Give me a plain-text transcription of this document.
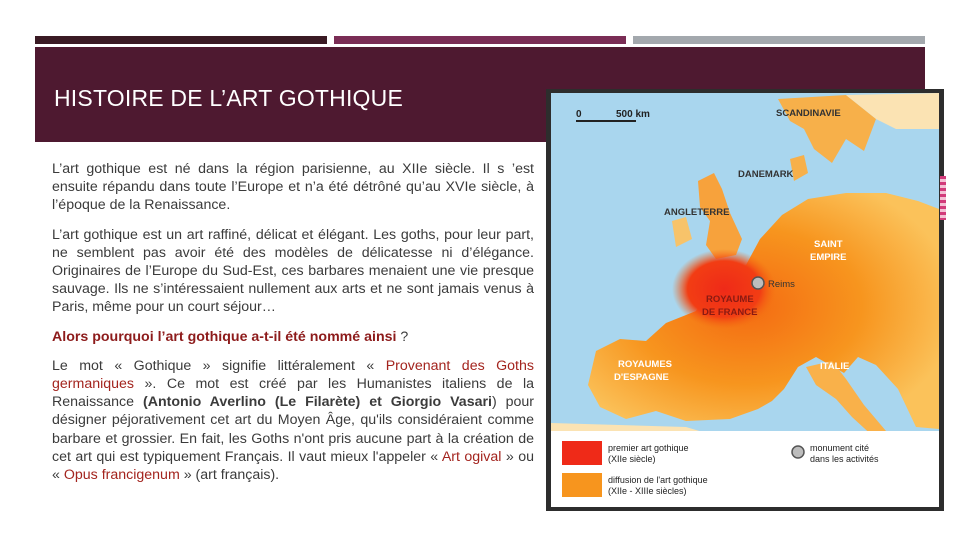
HISTOIRE DE L’ART GOTHIQUE

L’art gothique est né dans la région parisienne, au XIIe siècle. Il s ’est ensuite répandu dans toute l’Europe et n’a été détrôné qu’au XVIe siècle, à l’époque de la Renaissance.

L’art gothique est un art raffiné, délicat et élégant. Les goths, pour leur part, ne semblent pas avoir été des modèles de délicatesse ni d’élégance. Originaires de l’Europe du Sud-Est, ces barbares menaient une vie presque sauvage. Ils ne s’intéressaient nullement aux arts et ne sont jamais venus à Paris, même pour un court séjour…

Alors pourquoi l’art gothique a-t-il été nommé ainsi ?

Le mot « Gothique » signifie littéralement « Provenant des Goths germaniques ». Ce mot est créé par les Humanistes italiens de la Renaissance (Antonio Averlino (Le Filarète) et Giorgio Vasari) pour désigner péjorativement cet art du Moyen Âge, qu'ils considéraient comme barbare et grossier. En fait, les Goths n'ont pris aucune part à la création de cet art qui est typiquement Français. Il vaut mieux l'appeler « Art ogival » ou « Opus francigenum » (art français).

0	500 km	SCANDINAVIE
DANEMARK
ANGLETERRE
SAINT
EMPIRE
Reims
ROYAUME
DE FRANCE
ROYAUMES
D'ESPAGNE
ITALIE
premier art gothique
(XIIe siècle)
diffusion de l'art gothique
(XIIe - XIIIe siècles)
monument cité
dans les activités
